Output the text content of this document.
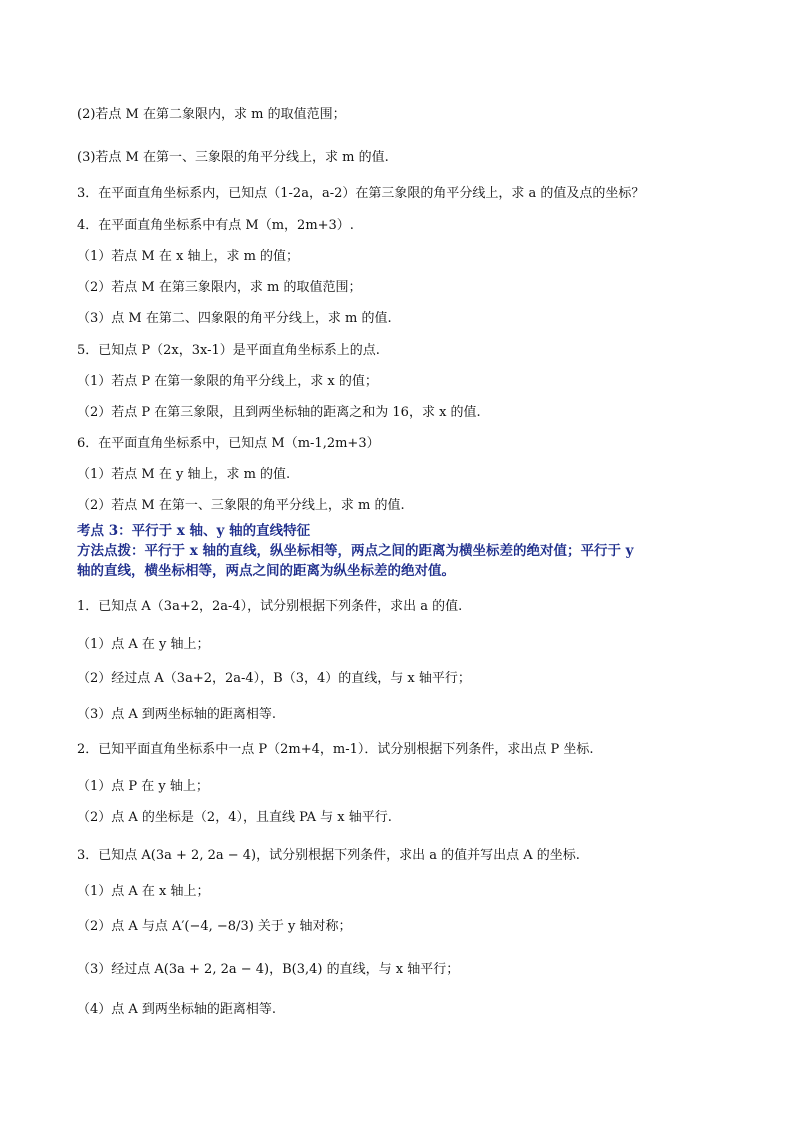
(2)若点 M 在第二象限内，求 m 的取值范围；
(3)若点 M 在第一、三象限的角平分线上，求 m 的值.
3．在平面直角坐标系内，已知点（1-2a，a-2）在第三象限的角平分线上，求 a 的值及点的坐标？
4．在平面直角坐标系中有点 M（m，2m+3）.
（1）若点 M 在 x 轴上，求 m 的值；
（2）若点 M 在第三象限内，求 m 的取值范围；
（3）点 M 在第二、四象限的角平分线上，求 m 的值.
5．已知点 P（2x，3x-1）是平面直角坐标系上的点.
（1）若点 P 在第一象限的角平分线上，求 x 的值；
（2）若点 P 在第三象限，且到两坐标轴的距离之和为 16，求 x 的值.
6．在平面直角坐标系中，已知点 M（m-1,2m+3）
（1）若点 M 在 y 轴上，求 m 的值.
（2）若点 M 在第一、三象限的角平分线上，求 m 的值.
考点 3：平行于 x 轴、y 轴的直线特征
方法点拨：平行于 x 轴的直线，纵坐标相等，两点之间的距离为横坐标差的绝对值；平行于 y
轴的直线，横坐标相等，两点之间的距离为纵坐标差的绝对值。
1．已知点 A（3a+2，2a-4），试分别根据下列条件，求出 a 的值.
（1）点 A 在 y 轴上；
（2）经过点 A（3a+2，2a-4），B（3，4）的直线，与 x 轴平行；
（3）点 A 到两坐标轴的距离相等.
2．已知平面直角坐标系中一点 P（2m+4，m-1）．试分别根据下列条件，求出点 P 坐标.
（1）点 P 在 y 轴上；
（2）点 A 的坐标是（2，4），且直线 PA 与 x 轴平行.
3．已知点 A(3a + 2, 2a − 4)，试分别根据下列条件，求出 a 的值并写出点 A 的坐标.
（1）点 A 在 x 轴上；
（2）点 A 与点 A′(−4, −8/3) 关于 y 轴对称；
（3）经过点 A(3a + 2, 2a − 4)，B(3,4) 的直线，与 x 轴平行；
（4）点 A 到两坐标轴的距离相等.
